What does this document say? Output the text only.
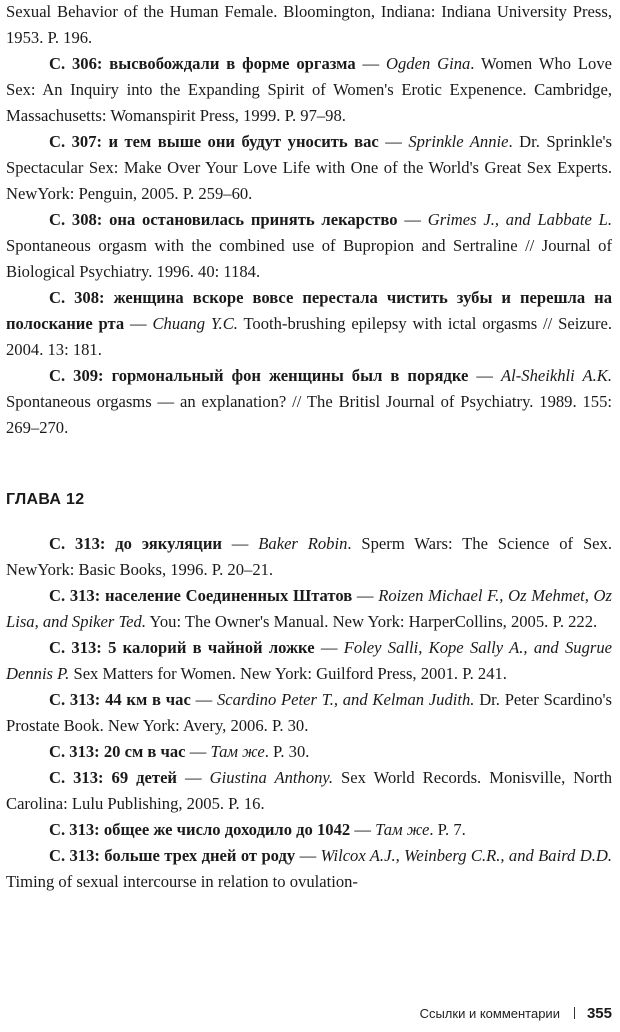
Sexual Behavior of the Human Female. Bloomington, Indiana: Indiana University Press, 1953. P. 196.

С. 306: высвобождали в форме оргазма — Ogden Gina. Women Who Love Sex: An Inquiry into the Expanding Spirit of Women's Erotic Expenence. Cambridge, Massachusetts: Womanspirit Press, 1999. P. 97–98.

С. 307: и тем выше они будут уносить вас — Sprinkle Annie. Dr. Sprinkle's Spectacular Sex: Make Over Your Love Life with One of the World's Great Sex Experts. NewYork: Penguin, 2005. P. 259–60.

С. 308: она остановилась принять лекарство — Grimes J., and Labbate L. Spontaneous orgasm with the combined use of Bupropion and Sertraline // Journal of Biological Psychiatry. 1996. 40: 1184.

С. 308: женщина вскоре вовсе перестала чистить зубы и перешла на полоскание рта — Chuang Y.C. Tooth-brushing epilepsy with ictal orgasms // Seizure. 2004. 13: 181.

С. 309: гормональный фон женщины был в порядке — Al-Sheikhli A.K. Spontaneous orgasms — an explanation? // The Britisl Journal of Psychiatry. 1989. 155: 269–270.

ГЛАВА 12

С. 313: до эякуляции — Baker Robin. Sperm Wars: The Science of Sex. NewYork: Basic Books, 1996. P. 20–21.

С. 313: население Соединенных Штатов — Roizen Michael F., Oz Mehmet, Oz Lisa, and Spiker Ted. You: The Owner's Manual. New York: HarperCollins, 2005. P. 222.

С. 313: 5 калорий в чайной ложке — Foley Salli, Kope Sally A., and Sugrue Dennis P. Sex Matters for Women. New York: Guilford Press, 2001. P. 241.

С. 313: 44 км в час — Scardino Peter T., and Kelman Judith. Dr. Peter Scardino's Prostate Book. New York: Avery, 2006. P. 30.

С. 313: 20 см в час — Там же. P. 30.

С. 313: 69 детей — Giustina Anthony. Sex World Records. Monisville, North Carolina: Lulu Publishing, 2005. P. 16.

С. 313: общее же число доходило до 1042 — Там же. P. 7.

С. 313: больше трех дней от роду — Wilcox A.J., Weinberg C.R., and Baird D.D. Timing of sexual intercourse in relation to ovulation-

Ссылки и комментарии 355
